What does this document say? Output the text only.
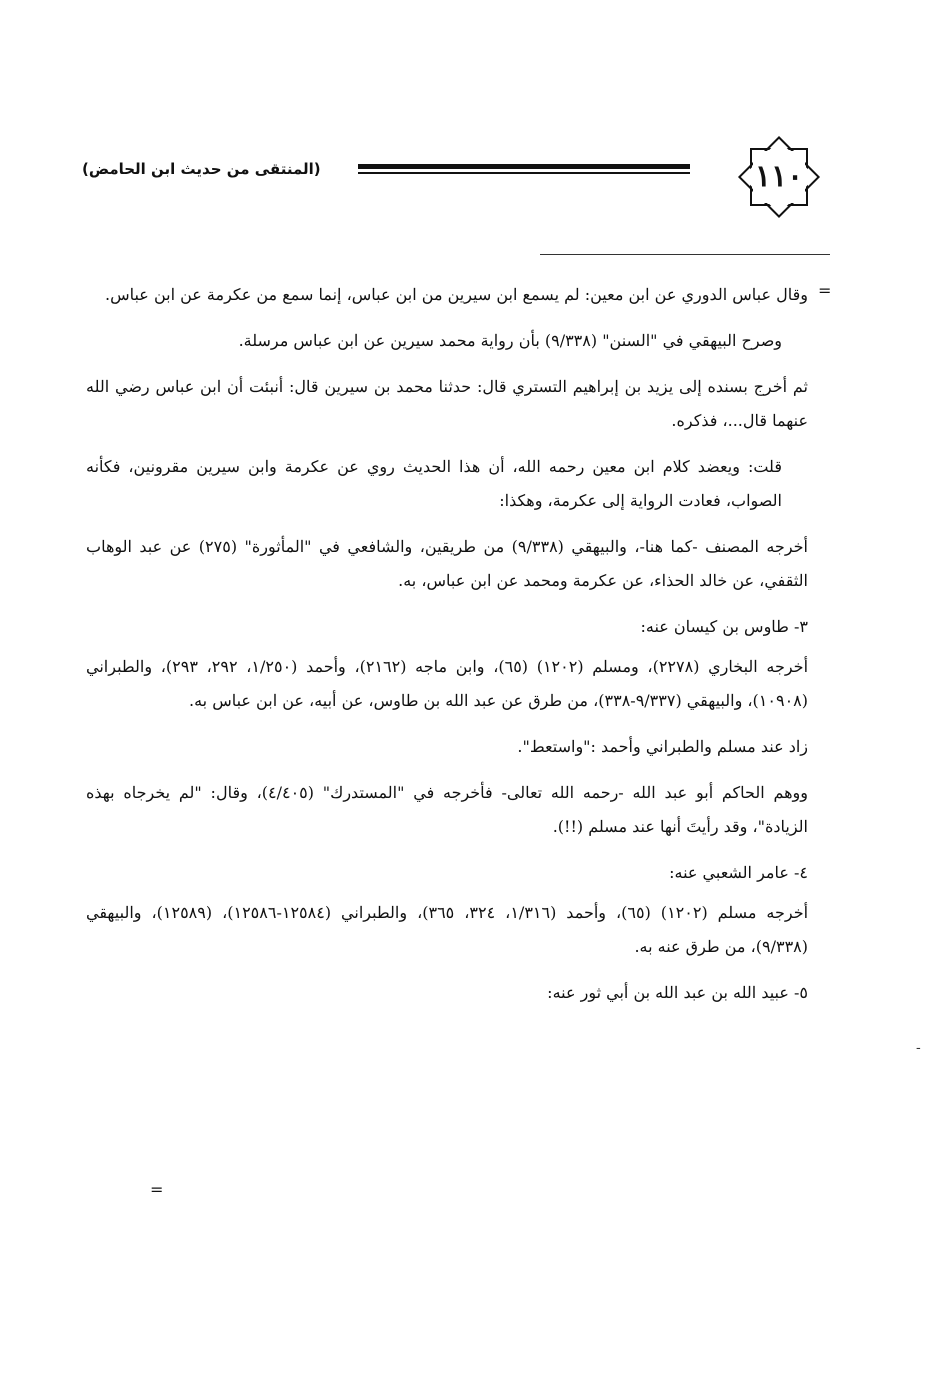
١١٠
(المنتقى من حديث ابن الحامض)
=

وقال عباس الدوري عن ابن معين: لم يسمع ابن سيرين من ابن عباس، إنما سمع من عكرمة عن ابن عباس.

وصرح البيهقي في "السنن" (٩/٣٣٨) بأن رواية محمد سيرين عن ابن عباس مرسلة.

ثم أخرج بسنده إلى يزيد بن إبراهيم التستري قال: حدثنا محمد بن سيرين قال: أنبئت أن ابن عباس رضي الله عنهما قال...، فذكره.

قلت: ويعضد كلام ابن معين رحمه الله، أن هذا الحديث روي عن عكرمة وابن سيرين مقرونين، فكأنه الصواب، فعادت الرواية إلى عكرمة، وهكذا:

أخرجه المصنف -كما هنا-، والبيهقي (٩/٣٣٨) من طريقين، والشافعي في "المأثورة" (٢٧٥) عن عبد الوهاب الثقفي، عن خالد الحذاء، عن عكرمة ومحمد عن ابن عباس، به.

٣- طاوس بن كيسان عنه:

أخرجه البخاري (٢٢٧٨)، ومسلم (١٢٠٢) (٦٥)، وابن ماجه (٢١٦٢)، وأحمد (١/٢٥٠، ٢٩٢، ٢٩٣)، والطبراني (١٠٩٠٨)، والبيهقي (٩/٣٣٧-٣٣٨)، من طرق عن عبد الله بن طاوس، عن أبيه، عن ابن عباس به.

زاد عند مسلم والطبراني وأحمد :"واستعط".

ووهم الحاكم أبو عبد الله -رحمه الله تعالى- فأخرجه في "المستدرك" (٤/٤٠٥)، وقال: "لم يخرجاه بهذه الزيادة"، وقد رأيتَ أنها عند مسلم (!!).

٤- عامر الشعبي عنه:

أخرجه مسلم (١٢٠٢) (٦٥)، وأحمد (١/٣١٦، ٣٢٤، ٣٦٥)، والطبراني (١٢٥٨٤-١٢٥٨٦)، (١٢٥٨٩)، والبيهقي (٩/٣٣٨)، من طرق عنه به.

٥- عبيد الله بن عبد الله بن أبي ثور عنه:

-
=
